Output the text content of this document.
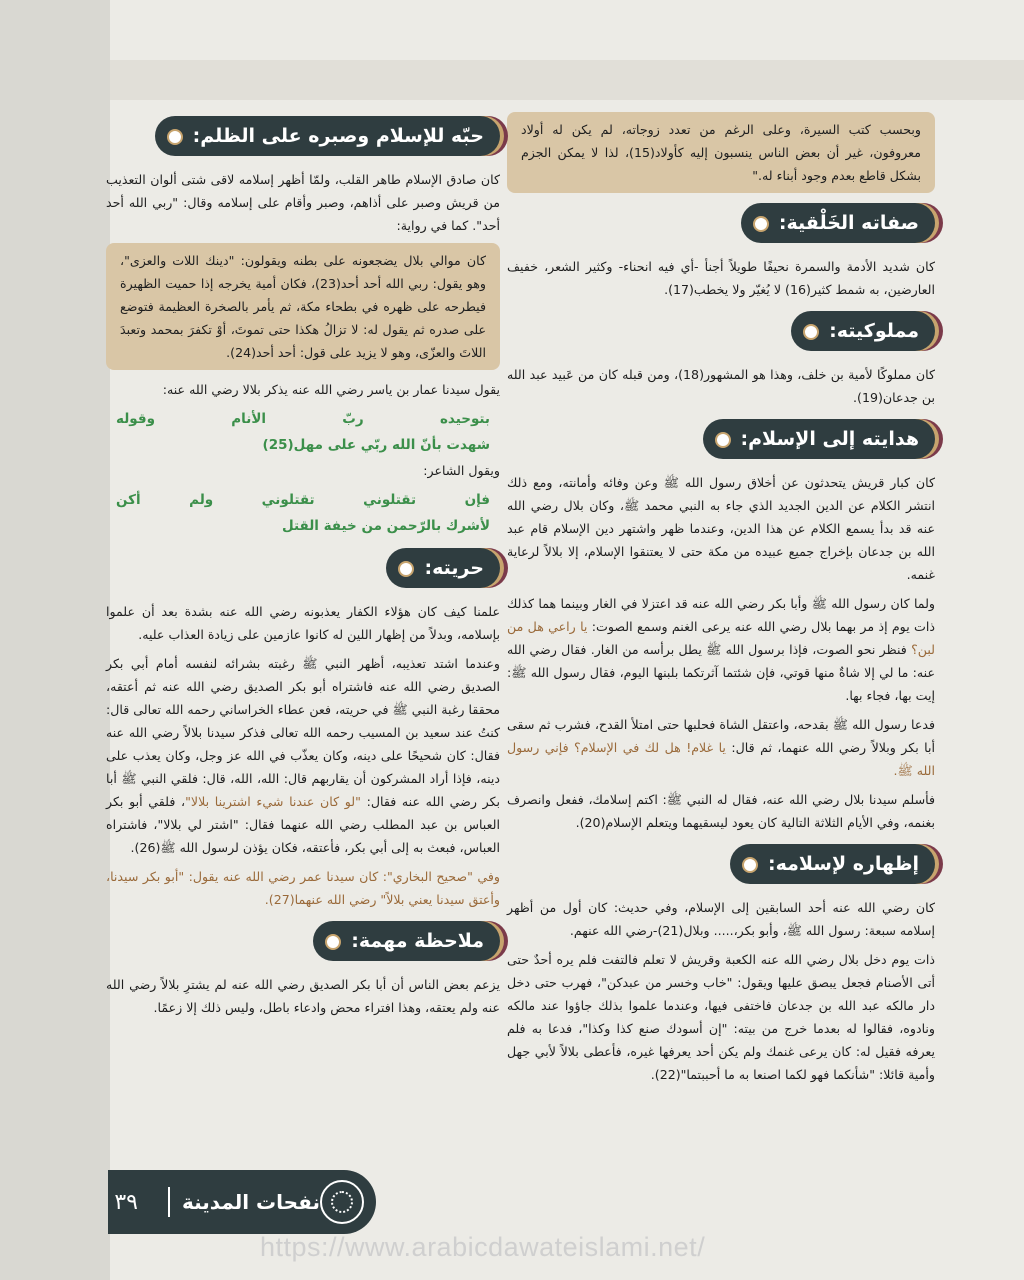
وبحسب كتب السيرة، وعلى الرغم من تعدد زوجاته، لم يكن له أولاد معروفون، غير أن بعض الناس ينسبون إليه كأولاد(15)، لذا لا يمكن الجزم بشكل قاطع بعدم وجود أبناء له."
صفاته الخَلْقية:

كان شديد الأدمة والسمرة نحيفًا طويلاً أجنأ -أي فيه انحناء- وكثير الشعر، خفيف العارضين، به شمط كثير(16) لا يُغيّر ولا يخطب(17).

مملوكيته:

كان مملوكًا لأمية بن خلف، وهذا هو المشهور(18)، ومن قبله كان من عَبيد عبد الله بن جدعان(19).

هدايته إلى الإسلام:

كان كبار قريش يتحدثون عن أخلاق رسول الله ﷺ وعن وفائه وأمانته، ومع ذلك انتشر الكلام عن الدين الجديد الذي جاء به النبي محمد ﷺ، وكان بلال رضي الله عنه قد بدأ يسمع الكلام عن هذا الدين، وعندما ظهر واشتهر دين الإسلام قام عبد الله بن جدعان بإخراج جميع عبيده من مكة حتى لا يعتنقوا الإسلام، إلا بلالاً لرعاية غنمه.

ولما كان رسول الله ﷺ وأبا بكر رضي الله عنه قد اعتزلا في الغار وبينما هما كذلك ذات يوم إذ مر بهما بلال رضي الله عنه يرعى الغنم وسمع الصوت: يا راعي هل من لبن؟ فنظر نحو الصوت، فإذا برسول الله ﷺ يطل برأسه من الغار. فقال رضي الله عنه: ما لي إلا شاةٌ منها قوتي، فإن شئتما آثرتكما بلبنها اليوم، فقال رسول الله ﷺ: إيت بها، فجاء بها.

فدعا رسول الله ﷺ بقدحه، واعتقل الشاة فحلبها حتى امتلأ القدح، فشرب ثم سقى أبا بكر وبلالاً رضي الله عنهما، ثم قال: يا غلام! هل لك في الإسلام؟ فإني رسول الله ﷺ.

فأسلم سيدنا بلال رضي الله عنه، فقال له النبي ﷺ: اكتم إسلامك، ففعل وانصرف بغنمه، وفي الأيام الثلاثة التالية كان يعود ليسقيهما ويتعلم الإسلام(20).

إظهاره لإسلامه:

كان رضي الله عنه أحد السابقين إلى الإسلام، وفي حديث: كان أول من أظهر إسلامه سبعة: رسول الله ﷺ، وأبو بكر،..... وبلال(21)-رضي الله عنهم.

ذات يوم دخل بلال رضي الله عنه الكعبة وقريش لا تعلم فالتفت فلم يره أحدٌ حتى أتى الأصنام فجعل يبصق عليها ويقول: "خاب وخسر من عبدكن"، فهرب حتى دخل دار مالكه عبد الله بن جدعان فاختفى فيها، وعندما علموا بذلك جاؤوا عند مالكه ونادوه، فقالوا له بعدما خرج من بيته: "إن أسودك صنع كذا وكذا"، فدعا به فلم يعرفه فقيل له: كان يرعى غنمك ولم يكن أحد يعرفها غيره، فأعطى بلالاً لأبي جهل وأمية قائلا: "شأنكما فهو لكما اصنعا به ما أحببتما"(22).

حبّه للإسلام وصبره على الظلم:

كان صادق الإسلام طاهر القلب، ولمّا أظهر إسلامه لاقى شتى ألوان التعذيب من قريش وصبر على أذاهم، وصبر وأقام على إسلامه وقال: "ربي الله أحد أحد". كما في رواية:

كان موالي بلال يضجعونه على بطنه ويقولون: "دينك اللات والعزى"، وهو يقول: ربي الله أحد أحد(23)، فكان أمية يخرجه إذا حميت الظهيرة فيطرحه على ظهره في بطحاء مكة، ثم يأمر بالصخرة العظيمة فتوضع على صدره ثم يقول له: لا تزالُ هكذا حتى تموتَ، أوْ تكفرَ بمحمد وتعبدَ اللاتَ والعزّى، وهو لا يزيد على قول: أحد أحد(24).

يقول سيدنا عمار بن ياسر رضي الله عنه يذكر بلالا رضي الله عنه:

بتوحيده
ربّ
الأنام
وقوله
شهدت بأنّ الله ربّي على مهل(25)

ويقول الشاعر:

فإن
تقتلوني
تقتلوني
ولم
أكن
لأشرك بالرّحمن من خيفة القتل
حريته:

علمنا كيف كان هؤلاء الكفار يعذبونه رضي الله عنه بشدة بعد أن علموا بإسلامه، وبدلاً من إظهار اللين له كانوا عازمين على زيادة العذاب عليه.

وعندما اشتد تعذيبه، أظهر النبي ﷺ رغبته بشرائه لنفسه أمام أبي بكر الصديق رضي الله عنه فاشتراه أبو بكر الصديق رضي الله عنه ثم أعتقه، محققا رغبة النبي ﷺ في حريته، فعن عطاء الخراساني رحمه الله تعالى قال: كنتُ عند سعيد بن المسيب رحمه الله تعالى فذكر سيدنا بلالاً رضي الله عنه فقال: كان شحيحًا على دينه، وكان يعذّب في الله عز وجل، وكان يعذب على دينه، فإذا أراد المشركون أن يقاربهم قال: الله، الله، قال: فلقي النبي ﷺ أبا بكر رضي الله عنه فقال: "لو كان عندنا شيء اشترينا بلالا"، فلقي أبو بكر العباس بن عبد المطلب رضي الله عنهما فقال: "اشتر لي بلالا"، فاشتراه العباس، فبعث به إلى أبي بكر، فأعتقه، فكان يؤذن لرسول الله ﷺ(26).

وفي "صحيح البخاري": كان سيدنا عمر رضي الله عنه يقول: "أبو بكر سيدنا، وأعتق سيدنا يعني بلالاً" رضي الله عنهما(27).

ملاحظة مهمة:

يزعم بعض الناس أن أبا بكر الصديق رضي الله عنه لم يشترِ بلالاً رضي الله عنه ولم يعتقه، وهذا افتراء محض وادعاء باطل، وليس ذلك إلا زعمًا.

نفحات المدينة
٣٩
https://www.arabicdawateislami.net/
